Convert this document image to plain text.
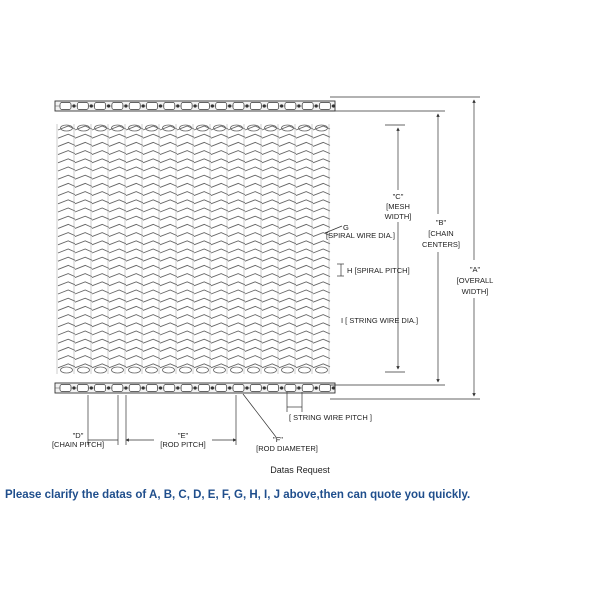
"C"
[MESH
WIDTH]
"B"
[CHAIN
CENTERS]
"A"
[OVERALL
WIDTH]
G
[SPIRAL WIRE DIA.]
H [SPIRAL PITCH]
I [ STRING WIRE DIA.]
[ STRING WIRE PITCH ]
"D"
[CHAIN PITCH]
"E"
[ROD PITCH]
"F"
[ROD DIAMETER]
Datas Request
Please clarify the datas of A, B, C, D, E, F, G, H, I, J above,then can quote you quickly.
